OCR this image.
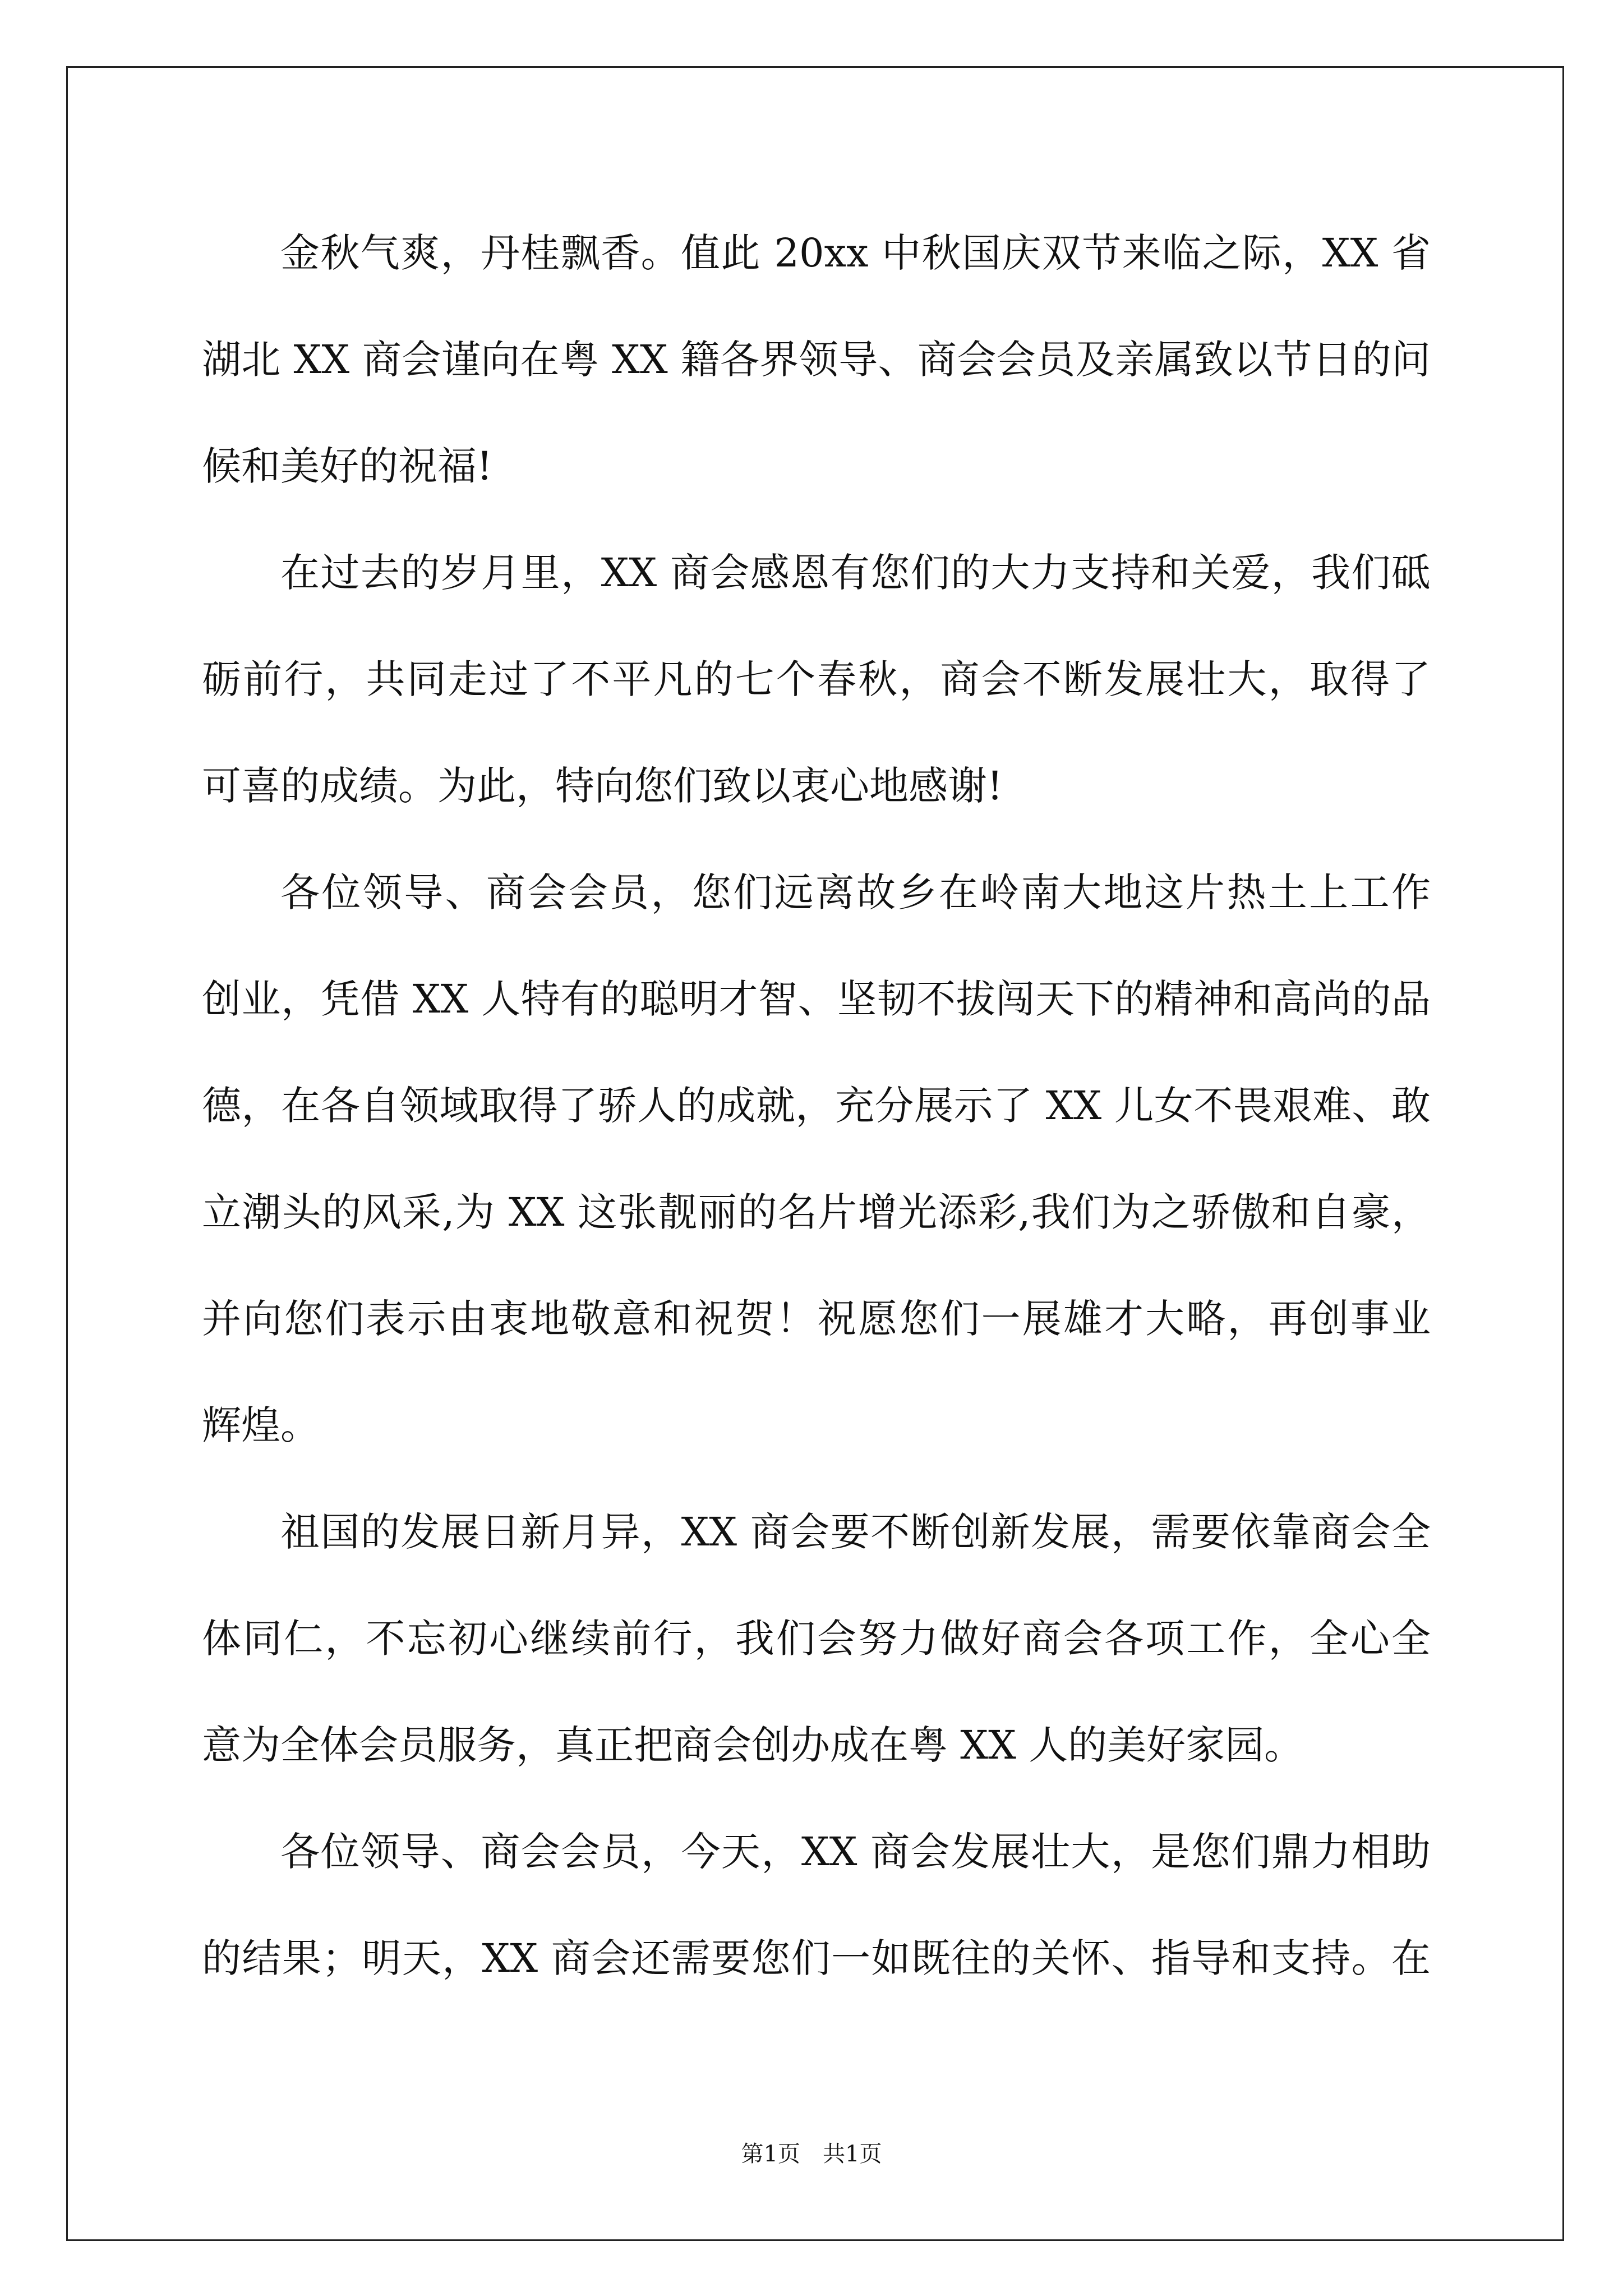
金秋气爽，丹桂飘香。值此 20xx 中秋国庆双节来临之际，XX 省
湖北 XX 商会谨向在粤 XX 籍各界领导、商会会员及亲属致以节日的问
候和美好的祝福!
在过去的岁月里，XX 商会感恩有您们的大力支持和关爱，我们砥
砺前行，共同走过了不平凡的七个春秋，商会不断发展壮大，取得了
可喜的成绩。为此，特向您们致以衷心地感谢!
各位领导、商会会员，您们远离故乡在岭南大地这片热土上工作
创业，凭借 XX 人特有的聪明才智、坚韧不拔闯天下的精神和高尚的品
德，在各自领域取得了骄人的成就，充分展示了 XX 儿女不畏艰难、敢
立潮头的风采,为 XX 这张靓丽的名片增光添彩,我们为之骄傲和自豪，
并向您们表示由衷地敬意和祝贺！祝愿您们一展雄才大略，再创事业
辉煌。
祖国的发展日新月异，XX 商会要不断创新发展，需要依靠商会全
体同仁，不忘初心继续前行，我们会努力做好商会各项工作，全心全
意为全体会员服务，真正把商会创办成在粤 XX 人的美好家园。
各位领导、商会会员，今天，XX 商会发展壮大，是您们鼎力相助
的结果；明天，XX 商会还需要您们一如既往的关怀、指导和支持。在
第1页　共1页
